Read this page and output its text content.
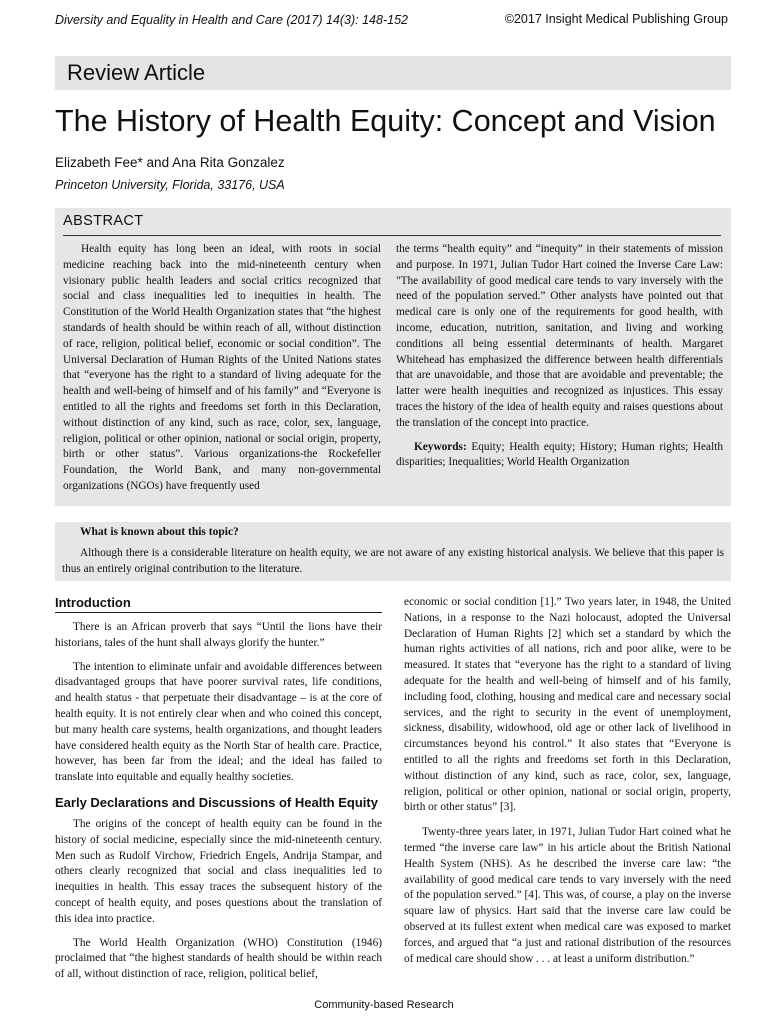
Diversity and Equality in Health and Care (2017) 14(3): 148-152	©2017 Insight Medical Publishing Group
Review Article
The History of Health Equity: Concept and Vision
Elizabeth Fee* and Ana Rita Gonzalez
Princeton University, Florida, 33176, USA
ABSTRACT

Health equity has long been an ideal, with roots in social medicine reaching back into the mid-nineteenth century when visionary public health leaders and social critics recognized that social and class inequalities led to inequities in health. The Constitution of the World Health Organization states that “the highest standards of health should be within reach of all, without distinction of race, religion, political belief, economic or social condition”. The Universal Declaration of Human Rights of the United Nations states that “everyone has the right to a standard of living adequate for the health and well-being of himself and of his family” and “Everyone is entitled to all the rights and freedoms set forth in this Declaration, without distinction of any kind, such as race, color, sex, language, religion, political or other opinion, national or social origin, property, birth or other status”. Various organizations-the Rockefeller Foundation, the World Bank, and many non-governmental organizations (NGOs) have frequently used

the terms “health equity” and “inequity” in their statements of mission and purpose. In 1971, Julian Tudor Hart coined the Inverse Care Law: "The availability of good medical care tends to vary inversely with the need of the population served.” Other analysts have pointed out that medical care is only one of the requirements for good health, with income, education, nutrition, sanitation, and living and working conditions all being essential determinants of health. Margaret Whitehead has emphasized the difference between health differentials that are unavoidable, and those that are avoidable and preventable; the latter were health inequities and recognized as injustices. This essay traces the history of the idea of health equity and raises questions about the translation of the concept into practice.

Keywords: Equity; Health equity; History; Human rights; Health disparities; Inequalities; World Health Organization

What is known about this topic?

Although there is a considerable literature on health equity, we are not aware of any existing historical analysis. We believe that this paper is thus an entirely original contribution to the literature.

Introduction

There is an African proverb that says “Until the lions have their historians, tales of the hunt shall always glorify the hunter.”

The intention to eliminate unfair and avoidable differences between disadvantaged groups that have poorer survival rates, life conditions, and health status - that perpetuate their disadvantage – is at the core of health equity. It is not entirely clear when and who coined this concept, but many health care systems, health organizations, and thought leaders have considered health equity as the North Star of health care. Practice, however, has been far from the ideal; and the ideal has failed to translate into equitable and equally healthy societies.

Early Declarations and Discussions of Health Equity

The origins of the concept of health equity can be found in the history of social medicine, especially since the mid-nineteenth century. Men such as Rudolf Virchow, Friedrich Engels, Andrija Stampar, and others clearly recognized that social and class inequalities led to inequities in health. This essay traces the subsequent history of the concept of health equity, and poses questions about the translation of this idea into practice.

The World Health Organization (WHO) Constitution (1946) proclaimed that “the highest standards of health should be within reach of all, without distinction of race, religion, political belief,

economic or social condition [1].” Two years later, in 1948, the United Nations, in a response to the Nazi holocaust, adopted the Universal Declaration of Human Rights [2] which set a standard by which the human rights activities of all nations, rich and poor alike, were to be measured. It states that “everyone has the right to a standard of living adequate for the health and well-being of himself and of his family, including food, clothing, housing and medical care and necessary social services, and the right to security in the event of unemployment, sickness, disability, widowhood, old age or other lack of livelihood in circumstances beyond his control.” It also states that “Everyone is entitled to all the rights and freedoms set forth in this Declaration, without distinction of any kind, such as race, color, sex, language, religion, political or other opinion, national or social origin, property, birth or other status” [3].

Twenty-three years later, in 1971, Julian Tudor Hart coined what he termed “the inverse care law” in his article about the British National Health System (NHS). As he described the inverse care law: “the availability of good medical care tends to vary inversely with the need of the population served.” [4]. This was, of course, a play on the inverse square law of physics. Hart said that the inverse care law could be observed at its fullest extent when medical care was exposed to market forces, and argued that “a just and rational distribution of the resources of medical care should show . . . at least a uniform distribution.”

Community-based Research
